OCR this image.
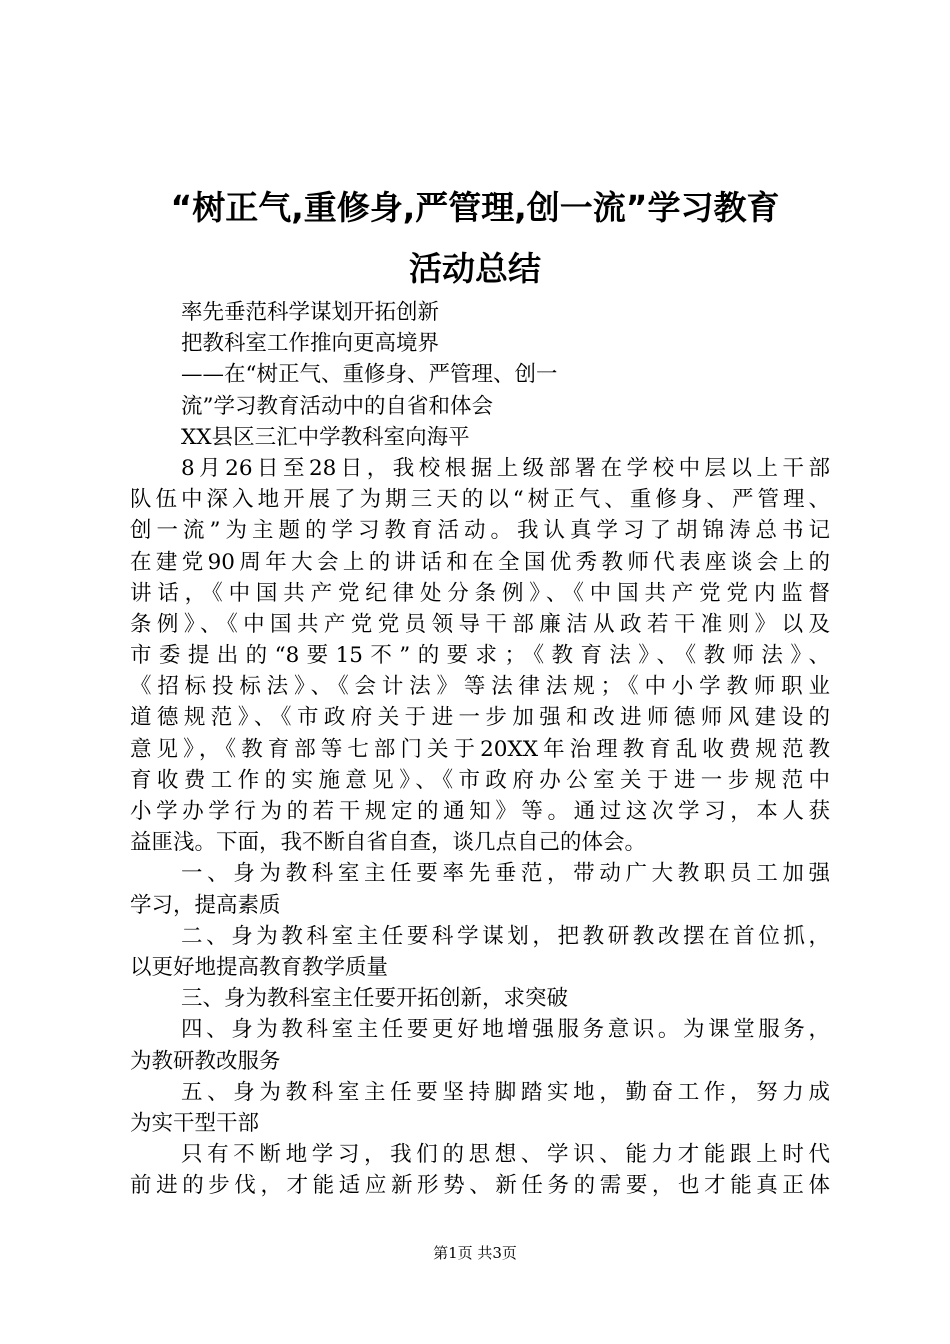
“树正气,重修身,严管理,创一流”学习教育
活动总结
率先垂范科学谋划开拓创新
把教科室工作推向更高境界
——在“树正气、重修身、严管理、创一
流”学习教育活动中的自省和体会
XX县区三汇中学教科室向海平
8月26日至28日，我校根据上级部署在学校中层以上干部
队伍中深入地开展了为期三天的以“树正气、重修身、严管理、
创一流”为主题的学习教育活动。我认真学习了胡锦涛总书记
在建党90周年大会上的讲话和在全国优秀教师代表座谈会上的
讲话，《中国共产党纪律处分条例》、《中国共产党党内监督
条例》、《中国共产党党员领导干部廉洁从政若干准则》以及
市委提出的“8要15不”的要求；《教育法》、《教师法》、
《招标投标法》、《会计法》等法律法规；《中小学教师职业
道德规范》、《市政府关于进一步加强和改进师德师风建设的
意见》，《教育部等七部门关于20XX年治理教育乱收费规范教
育收费工作的实施意见》、《市政府办公室关于进一步规范中
小学办学行为的若干规定的通知》等。通过这次学习，本人获
益匪浅。下面，我不断自省自查，谈几点自己的体会。
一、身为教科室主任要率先垂范，带动广大教职员工加强
学习，提高素质
二、身为教科室主任要科学谋划，把教研教改摆在首位抓，
以更好地提高教育教学质量
三、身为教科室主任要开拓创新，求突破
四、身为教科室主任要更好地增强服务意识。为课堂服务，
为教研教改服务
五、身为教科室主任要坚持脚踏实地，勤奋工作，努力成
为实干型干部
只有不断地学习，我们的思想、学识、能力才能跟上时代
前进的步伐，才能适应新形势、新任务的需要，也才能真正体
第1页 共3页
